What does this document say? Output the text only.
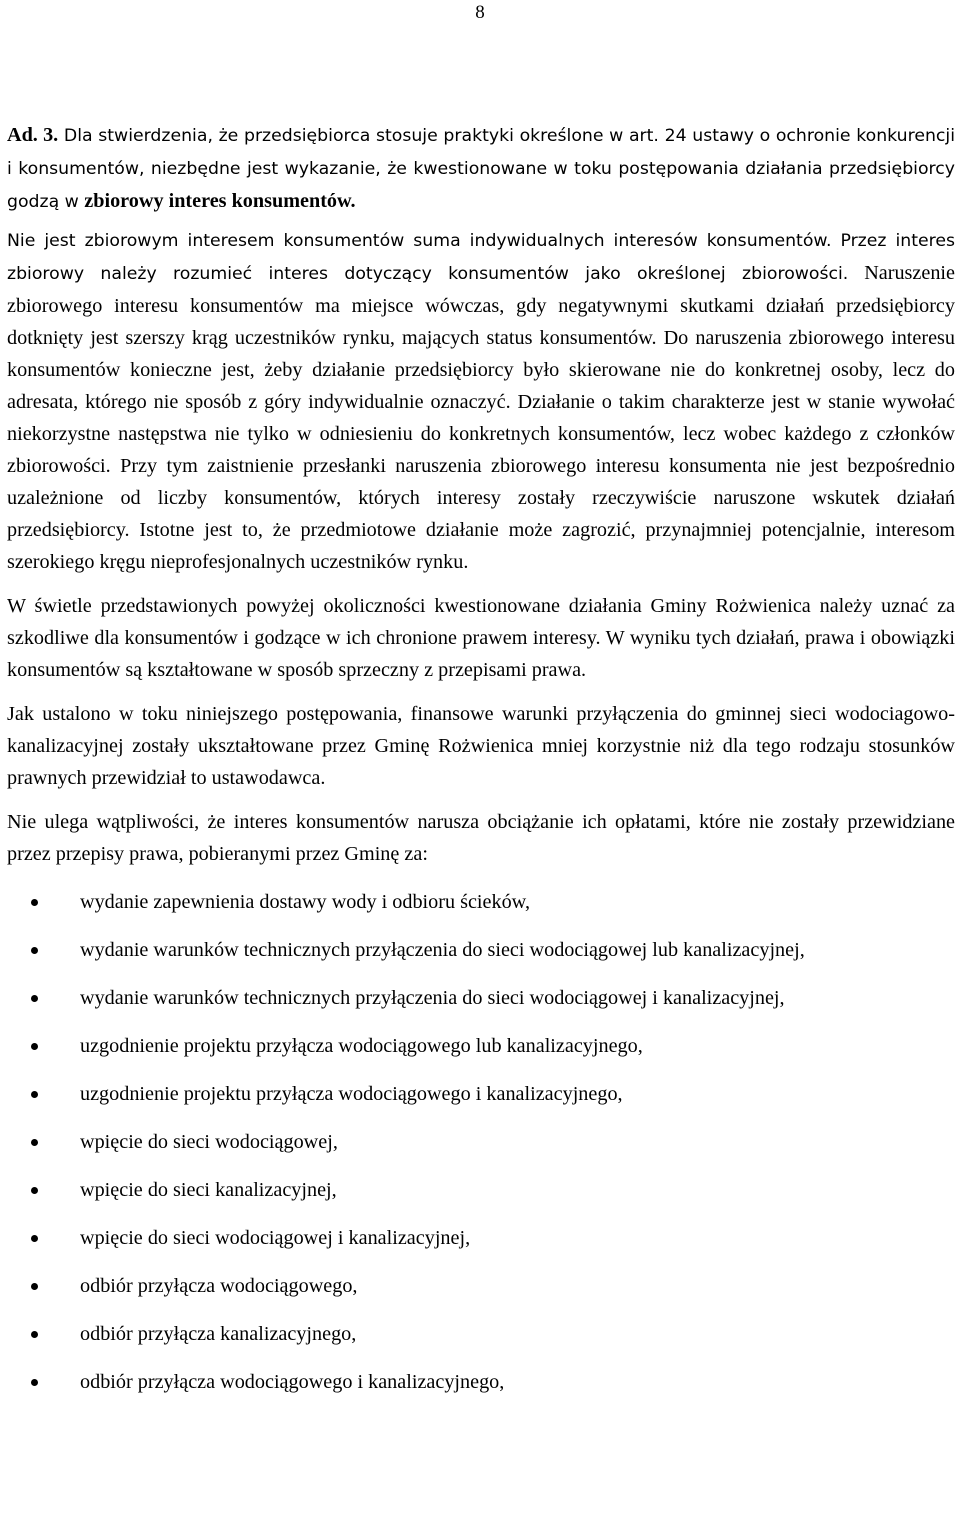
8

Ad. 3. Dla stwierdzenia, że przedsiębiorca stosuje praktyki określone w art. 24 ustawy o ochronie konkurencji i konsumentów, niezbędne jest wykazanie, że kwestionowane w toku postępowania działania przedsiębiorcy godzą w zbiorowy interes konsumentów.

Nie jest zbiorowym interesem konsumentów suma indywidualnych interesów konsumentów. Przez interes zbiorowy należy rozumieć interes dotyczący konsumentów jako określonej zbiorowości. Naruszenie zbiorowego interesu konsumentów ma miejsce wówczas, gdy negatywnymi skutkami działań przedsiębiorcy dotknięty jest szerszy krąg uczestników rynku, mających status konsumentów. Do naruszenia zbiorowego interesu konsumentów konieczne jest, żeby działanie przedsiębiorcy było skierowane nie do konkretnej osoby, lecz do adresata, którego nie sposób z góry indywidualnie oznaczyć. Działanie o takim charakterze jest w stanie wywołać niekorzystne następstwa nie tylko w odniesieniu do konkretnych konsumentów, lecz wobec każdego z członków zbiorowości. Przy tym zaistnienie przesłanki naruszenia zbiorowego interesu konsumenta nie jest bezpośrednio uzależnione od liczby konsumentów, których interesy zostały rzeczywiście naruszone wskutek działań przedsiębiorcy. Istotne jest to, że przedmiotowe działanie może zagrozić, przynajmniej potencjalnie, interesom szerokiego kręgu nieprofesjonalnych uczestników rynku.

W świetle przedstawionych powyżej okoliczności kwestionowane działania Gminy Rożwienica należy uznać za szkodliwe dla konsumentów i godzące w ich chronione prawem interesy. W wyniku tych działań, prawa i obowiązki konsumentów są kształtowane w sposób sprzeczny z przepisami prawa.

Jak ustalono w toku niniejszego postępowania, finansowe warunki przyłączenia do gminnej sieci wodociagowo-kanalizacyjnej zostały ukształtowane przez Gminę Rożwienica mniej korzystnie niż dla tego rodzaju stosunków prawnych przewidział to ustawodawca.

Nie ulega wątpliwości, że interes konsumentów narusza obciążanie ich opłatami, które nie zostały przewidziane przez przepisy prawa, pobieranymi przez Gminę za:

wydanie zapewnienia dostawy wody i odbioru ścieków,
wydanie warunków technicznych przyłączenia do sieci wodociągowej lub kanalizacyjnej,
wydanie warunków technicznych przyłączenia do sieci wodociągowej i kanalizacyjnej,
uzgodnienie projektu przyłącza wodociągowego lub kanalizacyjnego,
uzgodnienie projektu przyłącza wodociągowego i kanalizacyjnego,
wpięcie do sieci wodociągowej,
wpięcie do sieci kanalizacyjnej,
wpięcie do sieci wodociągowej i kanalizacyjnej,
odbiór przyłącza wodociągowego,
odbiór przyłącza kanalizacyjnego,
odbiór przyłącza wodociągowego i kanalizacyjnego,
